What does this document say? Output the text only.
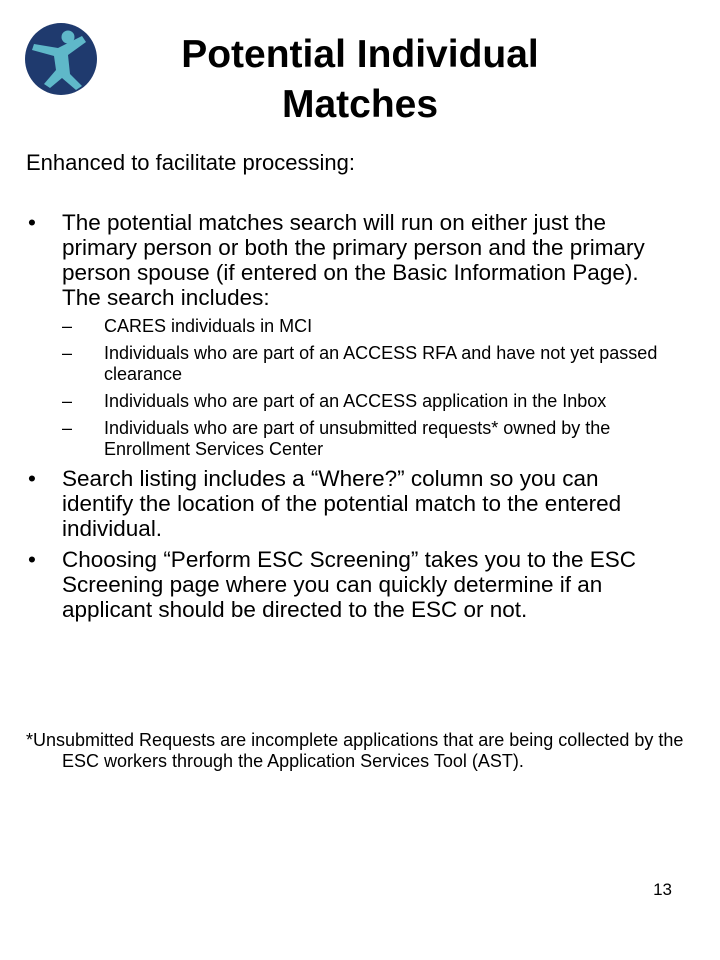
Potential Individual Matches

Enhanced to facilitate processing:

• The potential matches search will run on either just the primary person or both the primary person and the primary person spouse (if entered on the Basic Information Page). The search includes:
– CARES individuals in MCI
– Individuals who are part of an ACCESS RFA and have not yet passed clearance
– Individuals who are part of an ACCESS application in the Inbox
– Individuals who are part of unsubmitted requests* owned by the Enrollment Services Center
• Search listing includes a “Where?” column so you can identify the location of the potential match to the entered individual.
• Choosing “Perform ESC Screening” takes you to the ESC Screening page where you can quickly determine if an applicant should be directed to the ESC or not.

*Unsubmitted Requests are incomplete applications that are being collected by the ESC workers through the Application Services Tool (AST).

13
